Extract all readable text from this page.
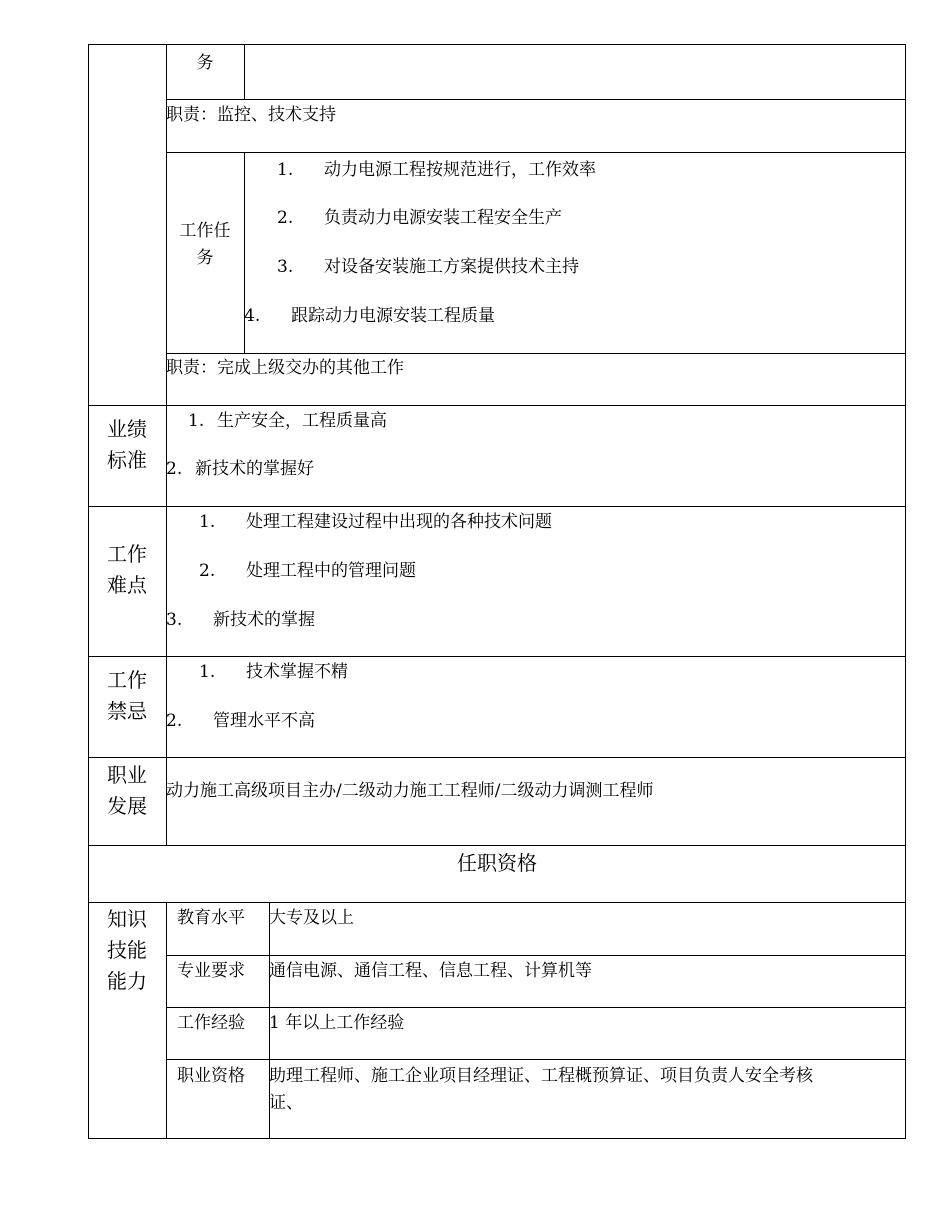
务
职责：监控、技术支持
工作任
务
1. 动力电源工程按规范进行，工作效率
2. 负责动力电源安装工程安全生产
3. 对设备安装施工方案提供技术主持
4. 跟踪动力电源安装工程质量
职责：完成上级交办的其他工作
业绩
标准
1. 生产安全，工程质量高
2. 新技术的掌握好
工作
难点
1. 处理工程建设过程中出现的各种技术问题
2. 处理工程中的管理问题
3. 新技术的掌握
工作
禁忌
1. 技术掌握不精
2. 管理水平不高
职业
发展
动力施工高级项目主办/二级动力施工工程师/二级动力调测工程师
任职资格
知识
技能
能力
教育水平 大专及以上
专业要求 通信电源、通信工程、信息工程、计算机等
工作经验 1 年以上工作经验
职业资格 助理工程师、施工企业项目经理证、工程概预算证、项目负责人安全考核
证、
